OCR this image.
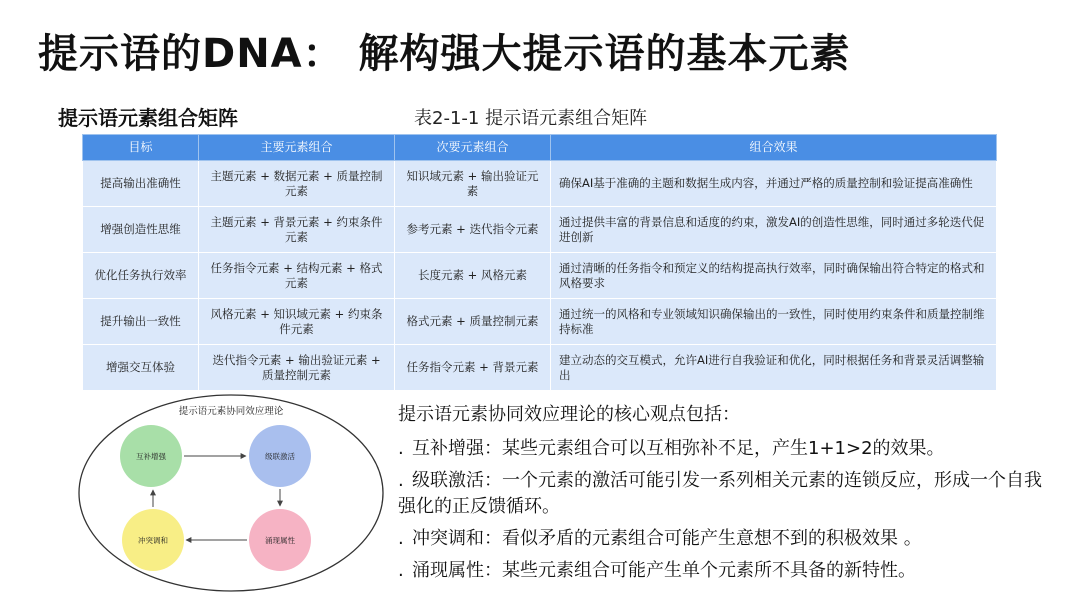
提示语的DNA： 解构强大提示语的基本元素
提示语元素组合矩阵	表2-1-1 提示语元素组合矩阵
目标	主要元素组合	次要元素组合	组合效果
提高输出准确性	主题元素 + 数据元素 + 质量控制元素	知识域元素 + 输出验证元素	确保AI基于准确的主题和数据生成内容，并通过严格的质量控制和验证提高准确性
增强创造性思维	主题元素 + 背景元素 + 约束条件元素	参考元素 + 迭代指令元素	通过提供丰富的背景信息和适度的约束，激发AI的创造性思维，同时通过多轮迭代促进创新
优化任务执行效率	任务指令元素 + 结构元素 + 格式元素	长度元素 + 风格元素	通过清晰的任务指令和预定义的结构提高执行效率，同时确保输出符合特定的格式和风格要求
提升输出一致性	风格元素 + 知识域元素 + 约束条件元素	格式元素 + 质量控制元素	通过统一的风格和专业领域知识确保输出的一致性，同时使用约束条件和质量控制维持标准
增强交互体验	迭代指令元素 + 输出验证元素 + 质量控制元素	任务指令元素 + 背景元素	建立动态的交互模式，允许AI进行自我验证和优化，同时根据任务和背景灵活调整输出
提示语元素协同效应理论
互补增强	级联激活
涌现属性
冲突调和
提示语元素协同效应理论的核心观点包括：
. 互补增强：某些元素组合可以互相弥补不足，产生1+1>2的效果。
. 级联激活：一个元素的激活可能引发一系列相关元素的连锁反应，形成一个自我强化的正反馈循环。
. 冲突调和：看似矛盾的元素组合可能产生意想不到的积极效果 。
. 涌现属性：某些元素组合可能产生单个元素所不具备的新特性。
